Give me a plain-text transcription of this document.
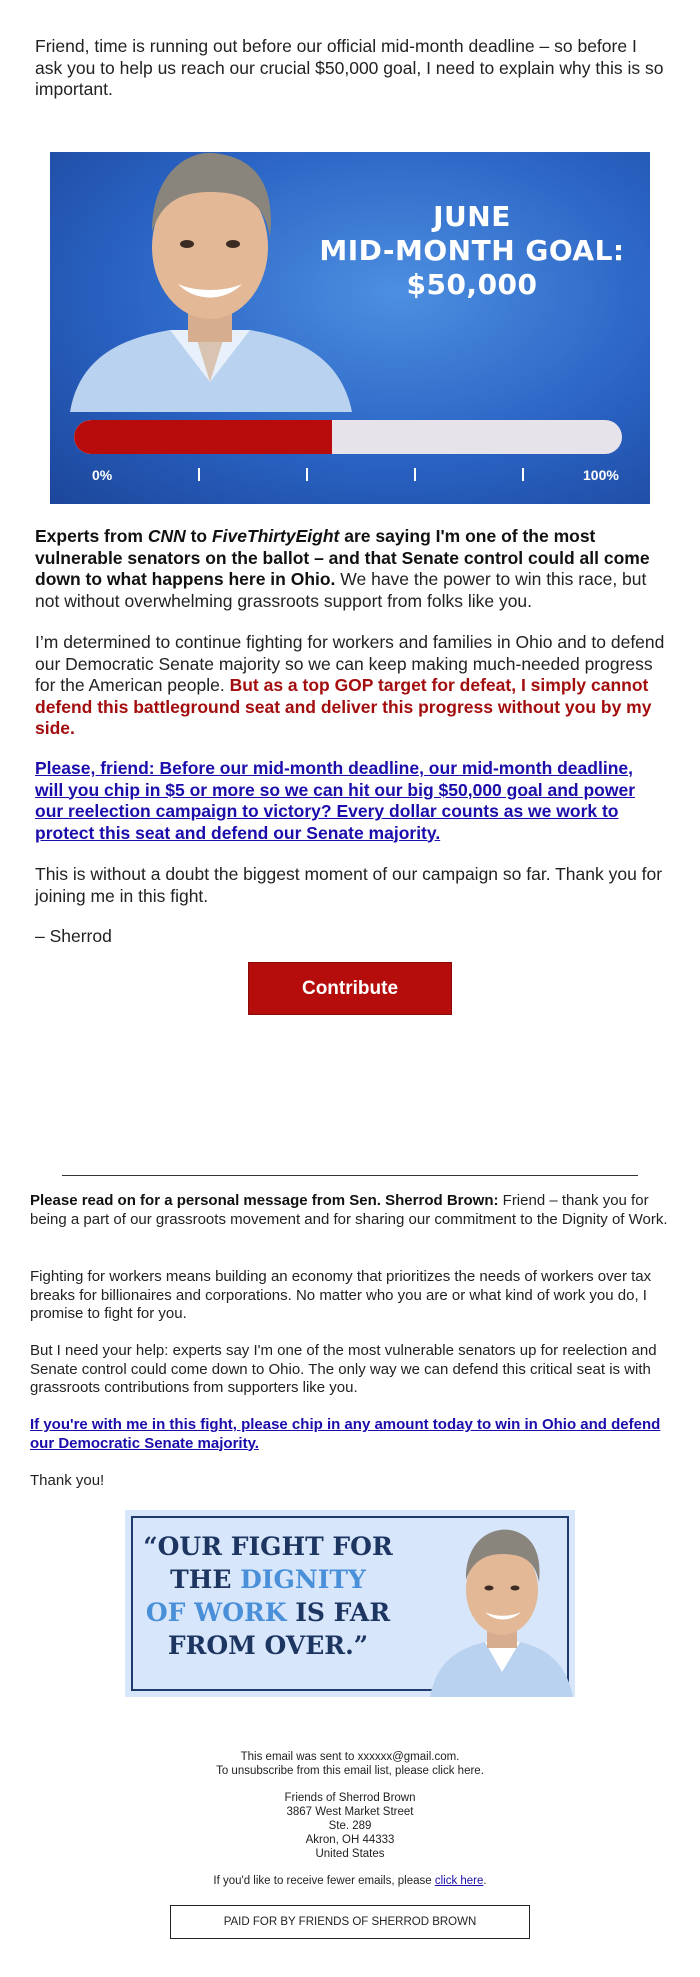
Friend, time is running out before our official mid-month deadline – so before I ask you to help us reach our crucial $50,000 goal, I need to explain why this is so important.

JUNE
MID-MONTH GOAL:
$50,000
0%	100%

Experts from CNN to FiveThirtyEight are saying I'm one of the most vulnerable senators on the ballot – and that Senate control could all come down to what happens here in Ohio. We have the power to win this race, but not without overwhelming grassroots support from folks like you.

I’m determined to continue fighting for workers and families in Ohio and to defend our Democratic Senate majority so we can keep making much-needed progress for the American people. But as a top GOP target for defeat, I simply cannot defend this battleground seat and deliver this progress without you by my side.

Please, friend: Before our mid-month deadline, our mid-month deadline, will you chip in $5 or more so we can hit our big $50,000 goal and power our reelection campaign to victory? Every dollar counts as we work to protect this seat and defend our Senate majority.

This is without a doubt the biggest moment of our campaign so far. Thank you for joining me in this fight.

– Sherrod

Contribute

Please read on for a personal message from Sen. Sherrod Brown: Friend – thank you for being a part of our grassroots movement and for sharing our commitment to the Dignity of Work.

Fighting for workers means building an economy that prioritizes the needs of workers over tax breaks for billionaires and corporations. No matter who you are or what kind of work you do, I promise to fight for you.

But I need your help: experts say I'm one of the most vulnerable senators up for reelection and Senate control could come down to Ohio. The only way we can defend this critical seat is with grassroots contributions from supporters like you.

If you're with me in this fight, please chip in any amount today to win in Ohio and defend our Democratic Senate majority.

Thank you!

“OUR FIGHT FOR
THE DIGNITY
OF WORK IS FAR
FROM OVER.”
This email was sent to xxxxxx@gmail.com.
To unsubscribe from this email list, please click here.
Friends of Sherrod Brown
3867 West Market Street
Ste. 289
Akron, OH 44333
United States
If you'd like to receive fewer emails, please click here.
PAID FOR BY FRIENDS OF SHERROD BROWN
